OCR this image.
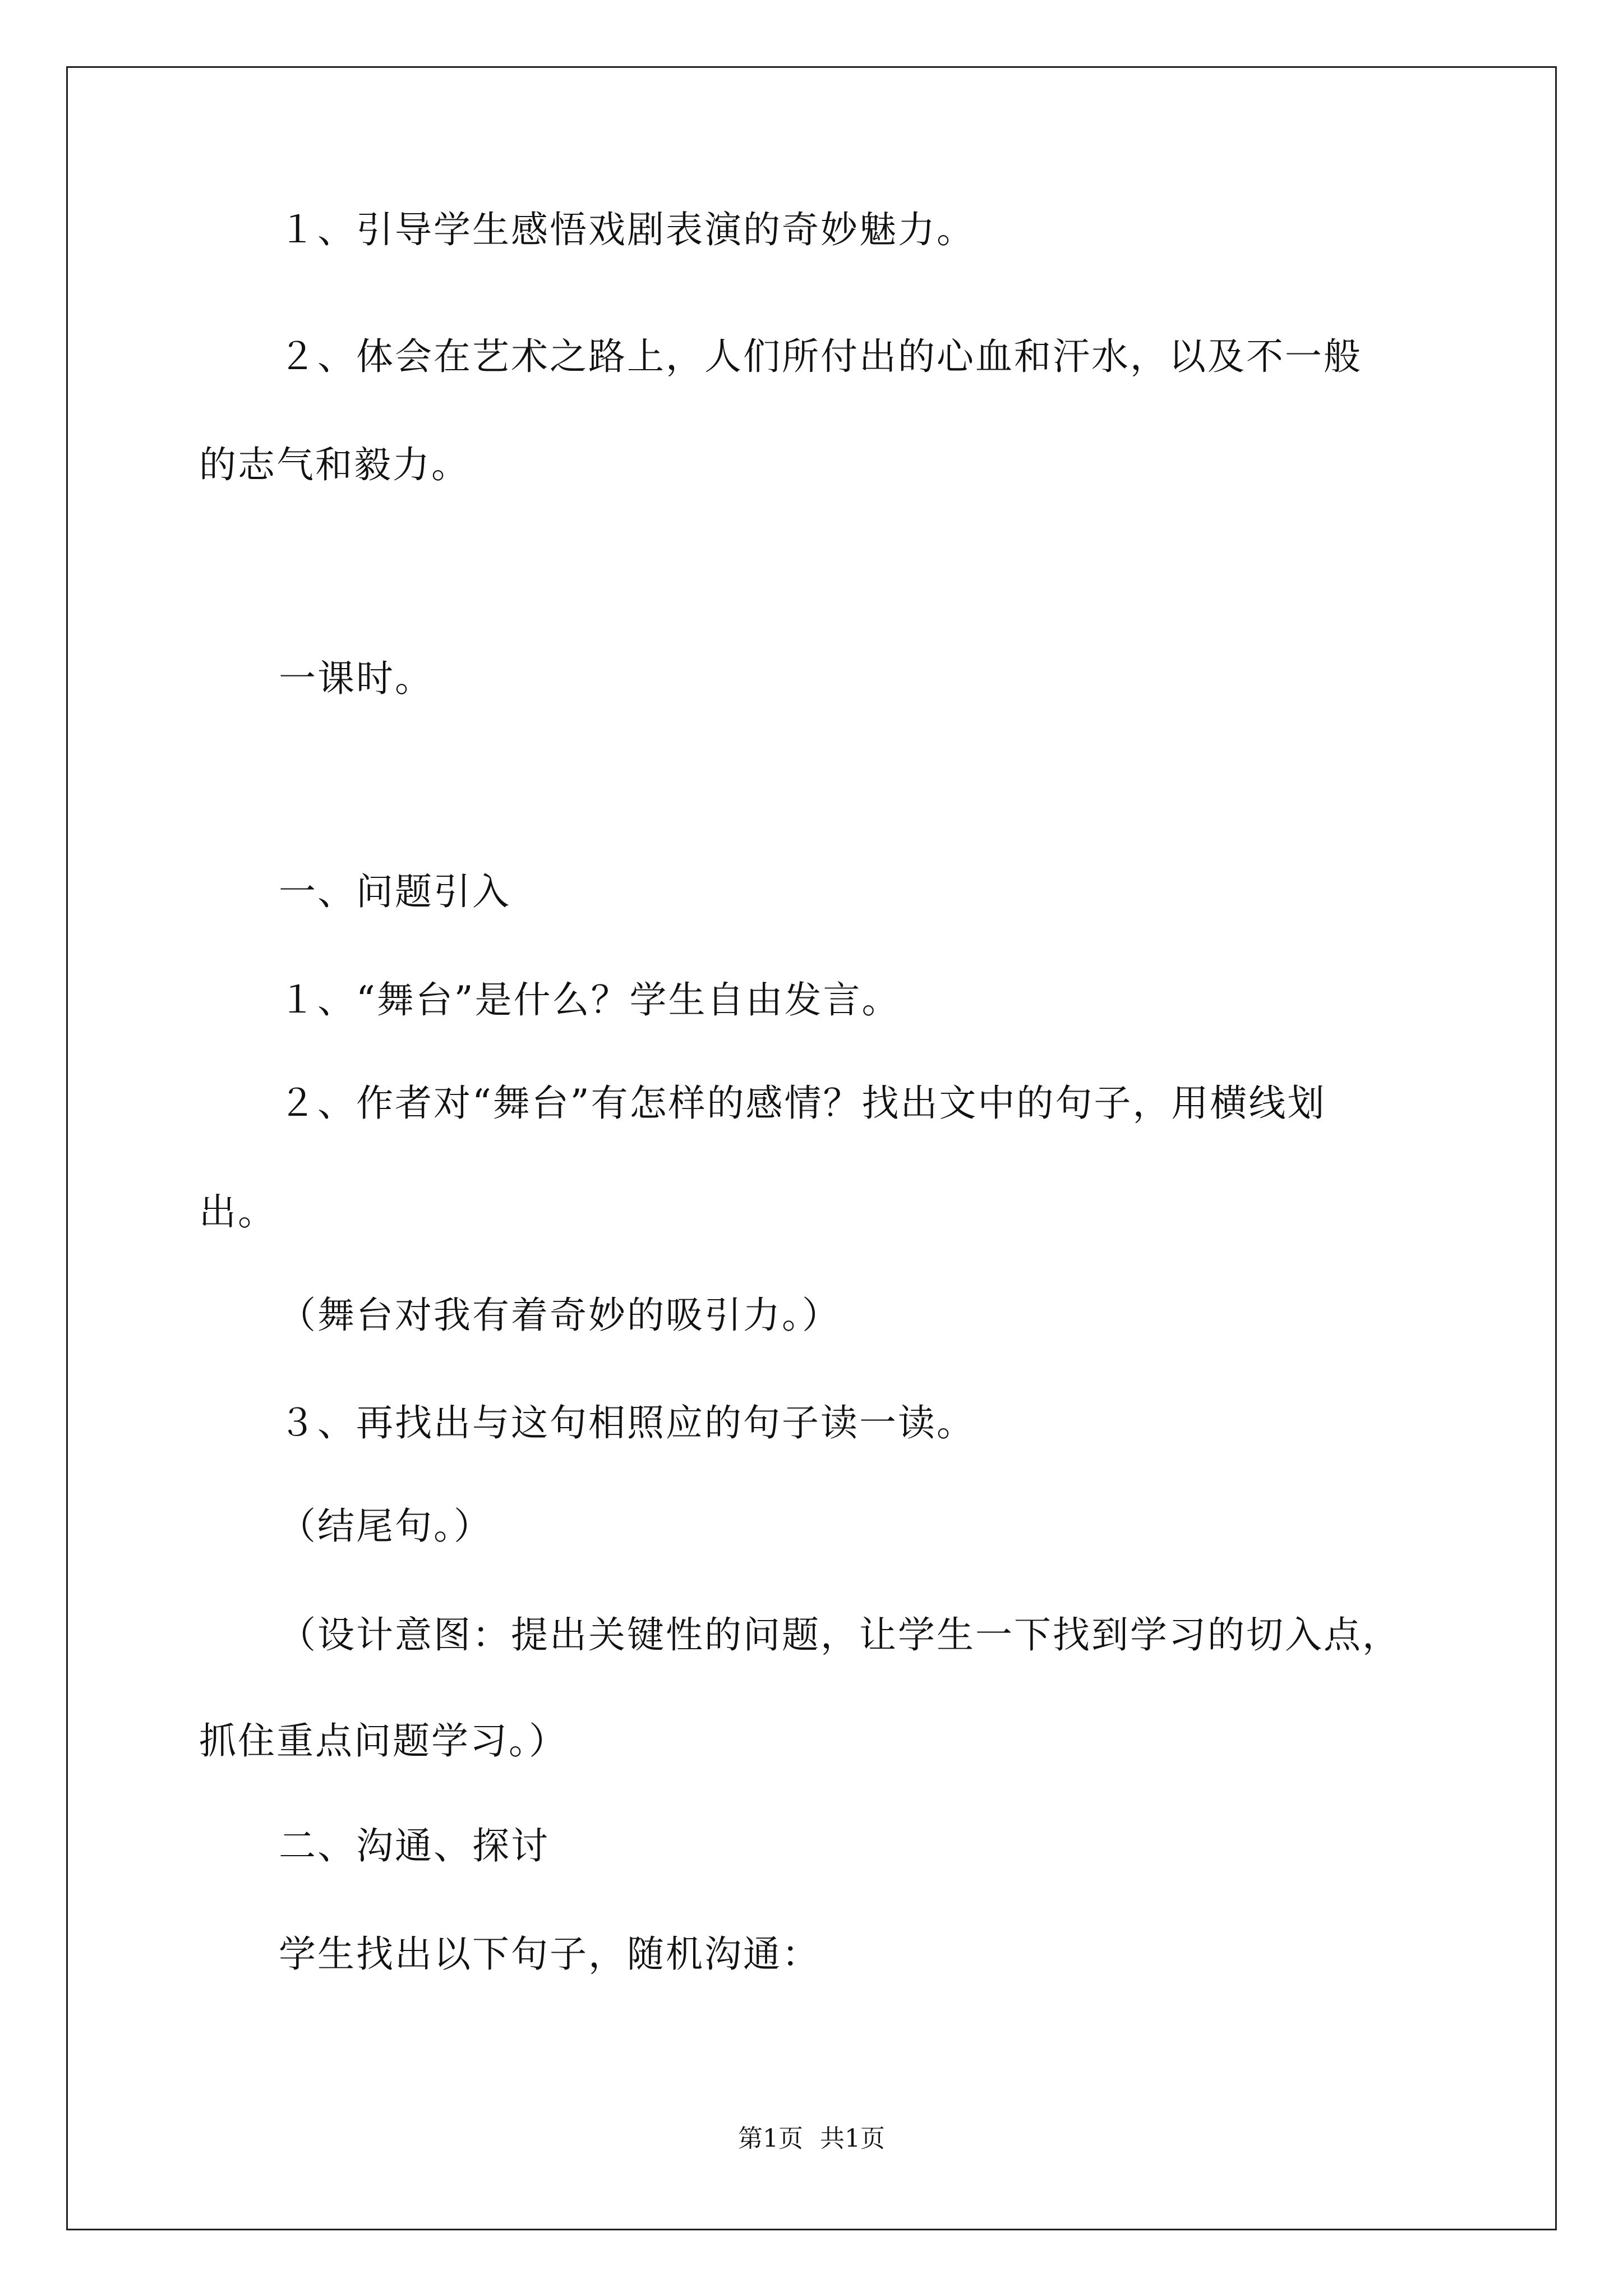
１、引导学生感悟戏剧表演的奇妙魅力。
２、体会在艺术之路上，人们所付出的心血和汗水，以及不一般
的志气和毅力。
一课时。
一、问题引入
１、“舞台”是什么？学生自由发言。
２、作者对“舞台”有怎样的感情？找出文中的句子，用横线划
出。
（舞台对我有着奇妙的吸引力。）
３、再找出与这句相照应的句子读一读。
（结尾句。）
（设计意图：提出关键性的问题，让学生一下找到学习的切入点，
抓住重点问题学习。）
二、沟通、探讨
学生找出以下句子，随机沟通：
第1页 共1页
